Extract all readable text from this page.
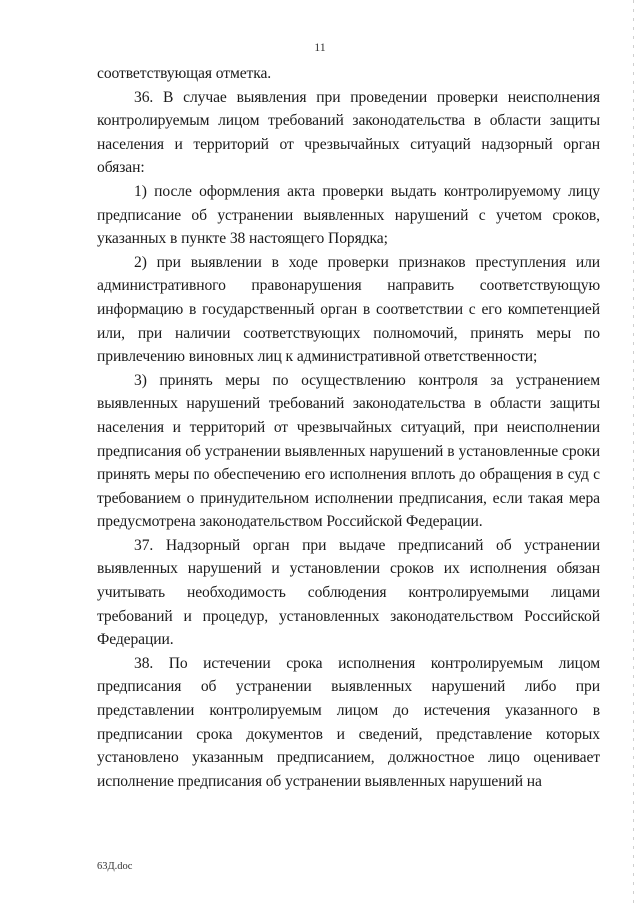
11

соответствующая отметка.

36. В случае выявления при проведении проверки неисполнения контролируемым лицом требований законодательства в области защиты населения и территорий от чрезвычайных ситуаций надзорный орган обязан:

1) после оформления акта проверки выдать контролируемому лицу предписание об устранении выявленных нарушений с учетом сроков, указанных в пункте 38 настоящего Порядка;

2) при выявлении в ходе проверки признаков преступления или административного правонарушения направить соответствующую информацию в государственный орган в соответствии с его компетенцией или, при наличии соответствующих полномочий, принять меры по привлечению виновных лиц к административной ответственности;

3) принять меры по осуществлению контроля за устранением выявленных нарушений требований законодательства в области защиты населения и территорий от чрезвычайных ситуаций, при неисполнении предписания об устранении выявленных нарушений в установленные сроки принять меры по обеспечению его исполнения вплоть до обращения в суд с требованием о принудительном исполнении предписания, если такая мера предусмотрена законодательством Российской Федерации.

37. Надзорный орган при выдаче предписаний об устранении выявленных нарушений и установлении сроков их исполнения обязан учитывать необходимость соблюдения контролируемыми лицами требований и процедур, установленных законодательством Российской Федерации.

38. По истечении срока исполнения контролируемым лицом предписания об устранении выявленных нарушений либо при представлении контролируемым лицом до истечения указанного в предписании срока документов и сведений, представление которых установлено указанным предписанием, должностное лицо оценивает исполнение предписания об устранении выявленных нарушений на

63Д.doc
